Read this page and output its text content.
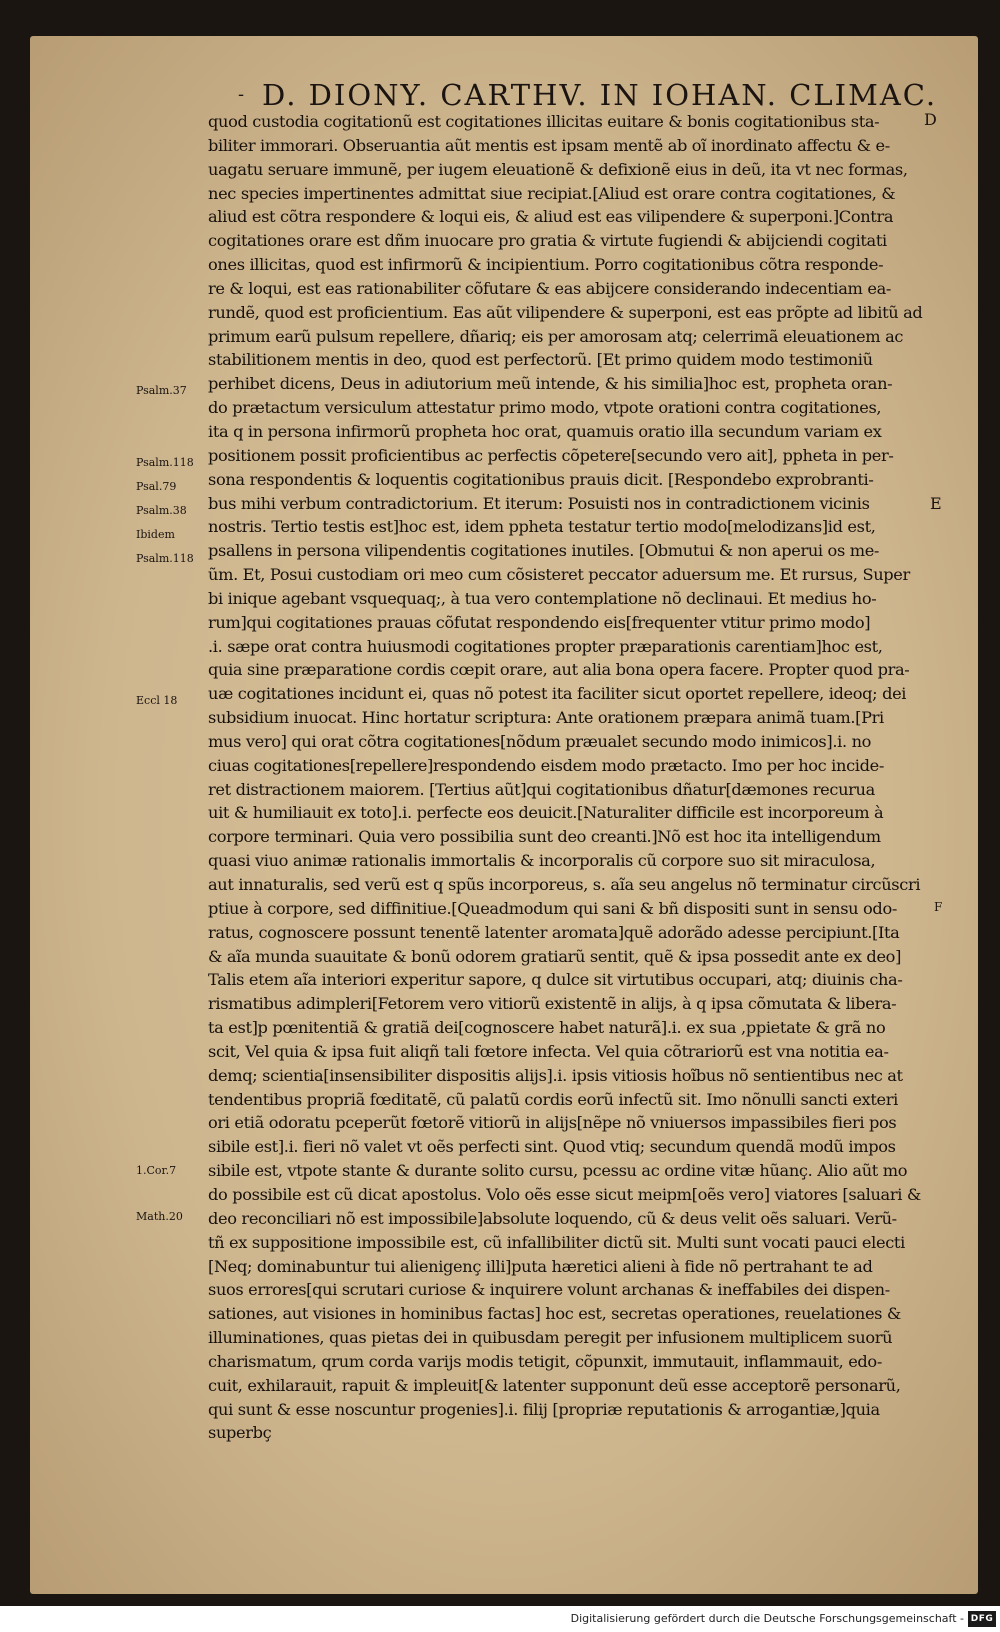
- D. DIONY. CARTHV. IN IOHAN. CLIMAC.
quod custodia cogitationũ est cogitationes illicitas euitare & bonis cogitationibus sta-
biliter immorari. Obseruantia aũt mentis est ipsam mentẽ ab oĩ inordinato affectu & e-
uagatu seruare immunẽ, per iugem eleuationẽ & defixionẽ eius in deũ, ita vt nec formas,
nec species impertinentes admittat siue recipiat.[Aliud est orare contra cogitationes, &
aliud est cõtra respondere & loqui eis, & aliud est eas vilipendere & superponi.]Contra
cogitationes orare est dñm inuocare pro gratia & virtute fugiendi & abijciendi cogitati
ones illicitas, quod est infirmorũ & incipientium. Porro cogitationibus cõtra responde-
re & loqui, est eas rationabiliter cõfutare & eas abijcere considerando indecentiam ea-
rundẽ, quod est proficientium. Eas aũt vilipendere & superponi, est eas prõpte ad libitũ ad
primum earũ pulsum repellere, dñariq; eis per amorosam atq; celerrimã eleuationem ac
stabilitionem mentis in deo, quod est perfectorũ. [Et primo quidem modo testimoniũ
perhibet dicens, Deus in adiutorium meũ intende, & his similia]hoc est, propheta oran-
do prætactum versiculum attestatur primo modo, vtpote orationi contra cogitationes,
ita q in persona infirmorũ propheta hoc orat, quamuis oratio illa secundum variam ex
positionem possit proficientibus ac perfectis cõpetere[secundo vero ait], ppheta in per-
sona respondentis & loquentis cogitationibus prauis dicit. [Respondebo exprobranti-
bus mihi verbum contradictorium. Et iterum: Posuisti nos in contradictionem vicinis
nostris. Tertio testis est]hoc est, idem ppheta testatur tertio modo[melodizans]id est,
psallens in persona vilipendentis cogitationes inutiles. [Obmutui & non aperui os me-
ũm. Et, Posui custodiam ori meo cum cõsisteret peccator aduersum me. Et rursus, Super
bi inique agebant vsquequaq;, à tua vero contemplatione nõ declinaui. Et medius ho-
rum]qui cogitationes prauas cõfutat respondendo eis[frequenter vtitur primo modo]
.i. sæpe orat contra huiusmodi cogitationes propter præparationis carentiam]hoc est,
quia sine præparatione cordis cœpit orare, aut alia bona opera facere. Propter quod pra-
uæ cogitationes incidunt ei, quas nõ potest ita faciliter sicut oportet repellere, ideoq; dei
subsidium inuocat. Hinc hortatur scriptura: Ante orationem præpara animã tuam.[Pri
mus vero] qui orat cõtra cogitationes[nõdum præualet secundo modo inimicos].i. no
ciuas cogitationes[repellere]respondendo eisdem modo prætacto. Imo per hoc incide-
ret distractionem maiorem. [Tertius aũt]qui cogitationibus dñatur[dæmones recurua
uit & humiliauit ex toto].i. perfecte eos deuicit.[Naturaliter difficile est incorporeum à
corpore terminari. Quia vero possibilia sunt deo creanti.]Nõ est hoc ita intelligendum
quasi viuo animæ rationalis immortalis & incorporalis cũ corpore suo sit miraculosa,
aut innaturalis, sed verũ est q spũs incorporeus, s. aĩa seu angelus nõ terminatur circũscri
ptiue à corpore, sed diffinitiue.[Queadmodum qui sani & bñ dispositi sunt in sensu odo-
ratus, cognoscere possunt tenentẽ latenter aromata]quẽ adorãdo adesse percipiunt.[Ita
& aĩa munda suauitate & bonũ odorem gratiarũ sentit, quẽ & ipsa possedit ante ex deo]
Talis etem aĩa interiori experitur sapore, q dulce sit virtutibus occupari, atq; diuinis cha-
rismatibus adimpleri[Fetorem vero vitiorũ existentẽ in alijs, à q ipsa cõmutata & libera-
ta est]p pœnitentiã & gratiã dei[cognoscere habet naturã].i. ex sua ,ppietate & grã no
scit, Vel quia & ipsa fuit aliqñ tali fœtore infecta. Vel quia cõtrariorũ est vna notitia ea-
demq; scientia[insensibiliter dispositis alijs].i. ipsis vitiosis hoĩbus nõ sentientibus nec at
tendentibus propriã fœditatẽ, cũ palatũ cordis eorũ infectũ sit. Imo nõnulli sancti exteri
ori etiã odoratu pceperũt fœtorẽ vitiorũ in alijs[nẽpe nõ vniuersos impassibiles fieri pos
sibile est].i. fieri nõ valet vt oẽs perfecti sint. Quod vtiq; secundum quendã modũ impos
sibile est, vtpote stante & durante solito cursu, pcessu ac ordine vitæ hũanç. Alio aũt mo
do possibile est cũ dicat apostolus. Volo oẽs esse sicut meipm[oẽs vero] viatores [saluari &
deo reconciliari nõ est impossibile]absolute loquendo, cũ & deus velit oẽs saluari. Verũ-
tñ ex suppositione impossibile est, cũ infallibiliter dictũ sit. Multi sunt vocati pauci electi
[Neq; dominabuntur tui alienigenç illi]puta hæretici alieni à fide nõ pertrahant te ad
suos errores[qui scrutari curiose & inquirere volunt archanas & ineffabiles dei dispen-
sationes, aut visiones in hominibus factas] hoc est, secretas operationes, reuelationes &
illuminationes, quas pietas dei in quibusdam peregit per infusionem multiplicem suorũ
charismatum, qrum corda varijs modis tetigit, cõpunxit, immutauit, inflammauit, edo-
cuit, exhilarauit, rapuit & impleuit[& latenter supponunt deũ esse acceptorẽ personarũ,
qui sunt & esse noscuntur progenies].i. filij [propriæ reputationis & arrogantiæ,]quia
superbç
Psalm.37
Psalm.118
Psal.79
Psalm.38
Ibidem
Psalm.118
Eccl 18
1.Cor.7
Math.20
D
E
F
Digitalisierung gefördert durch die Deutsche Forschungsgemeinschaft - DFG
